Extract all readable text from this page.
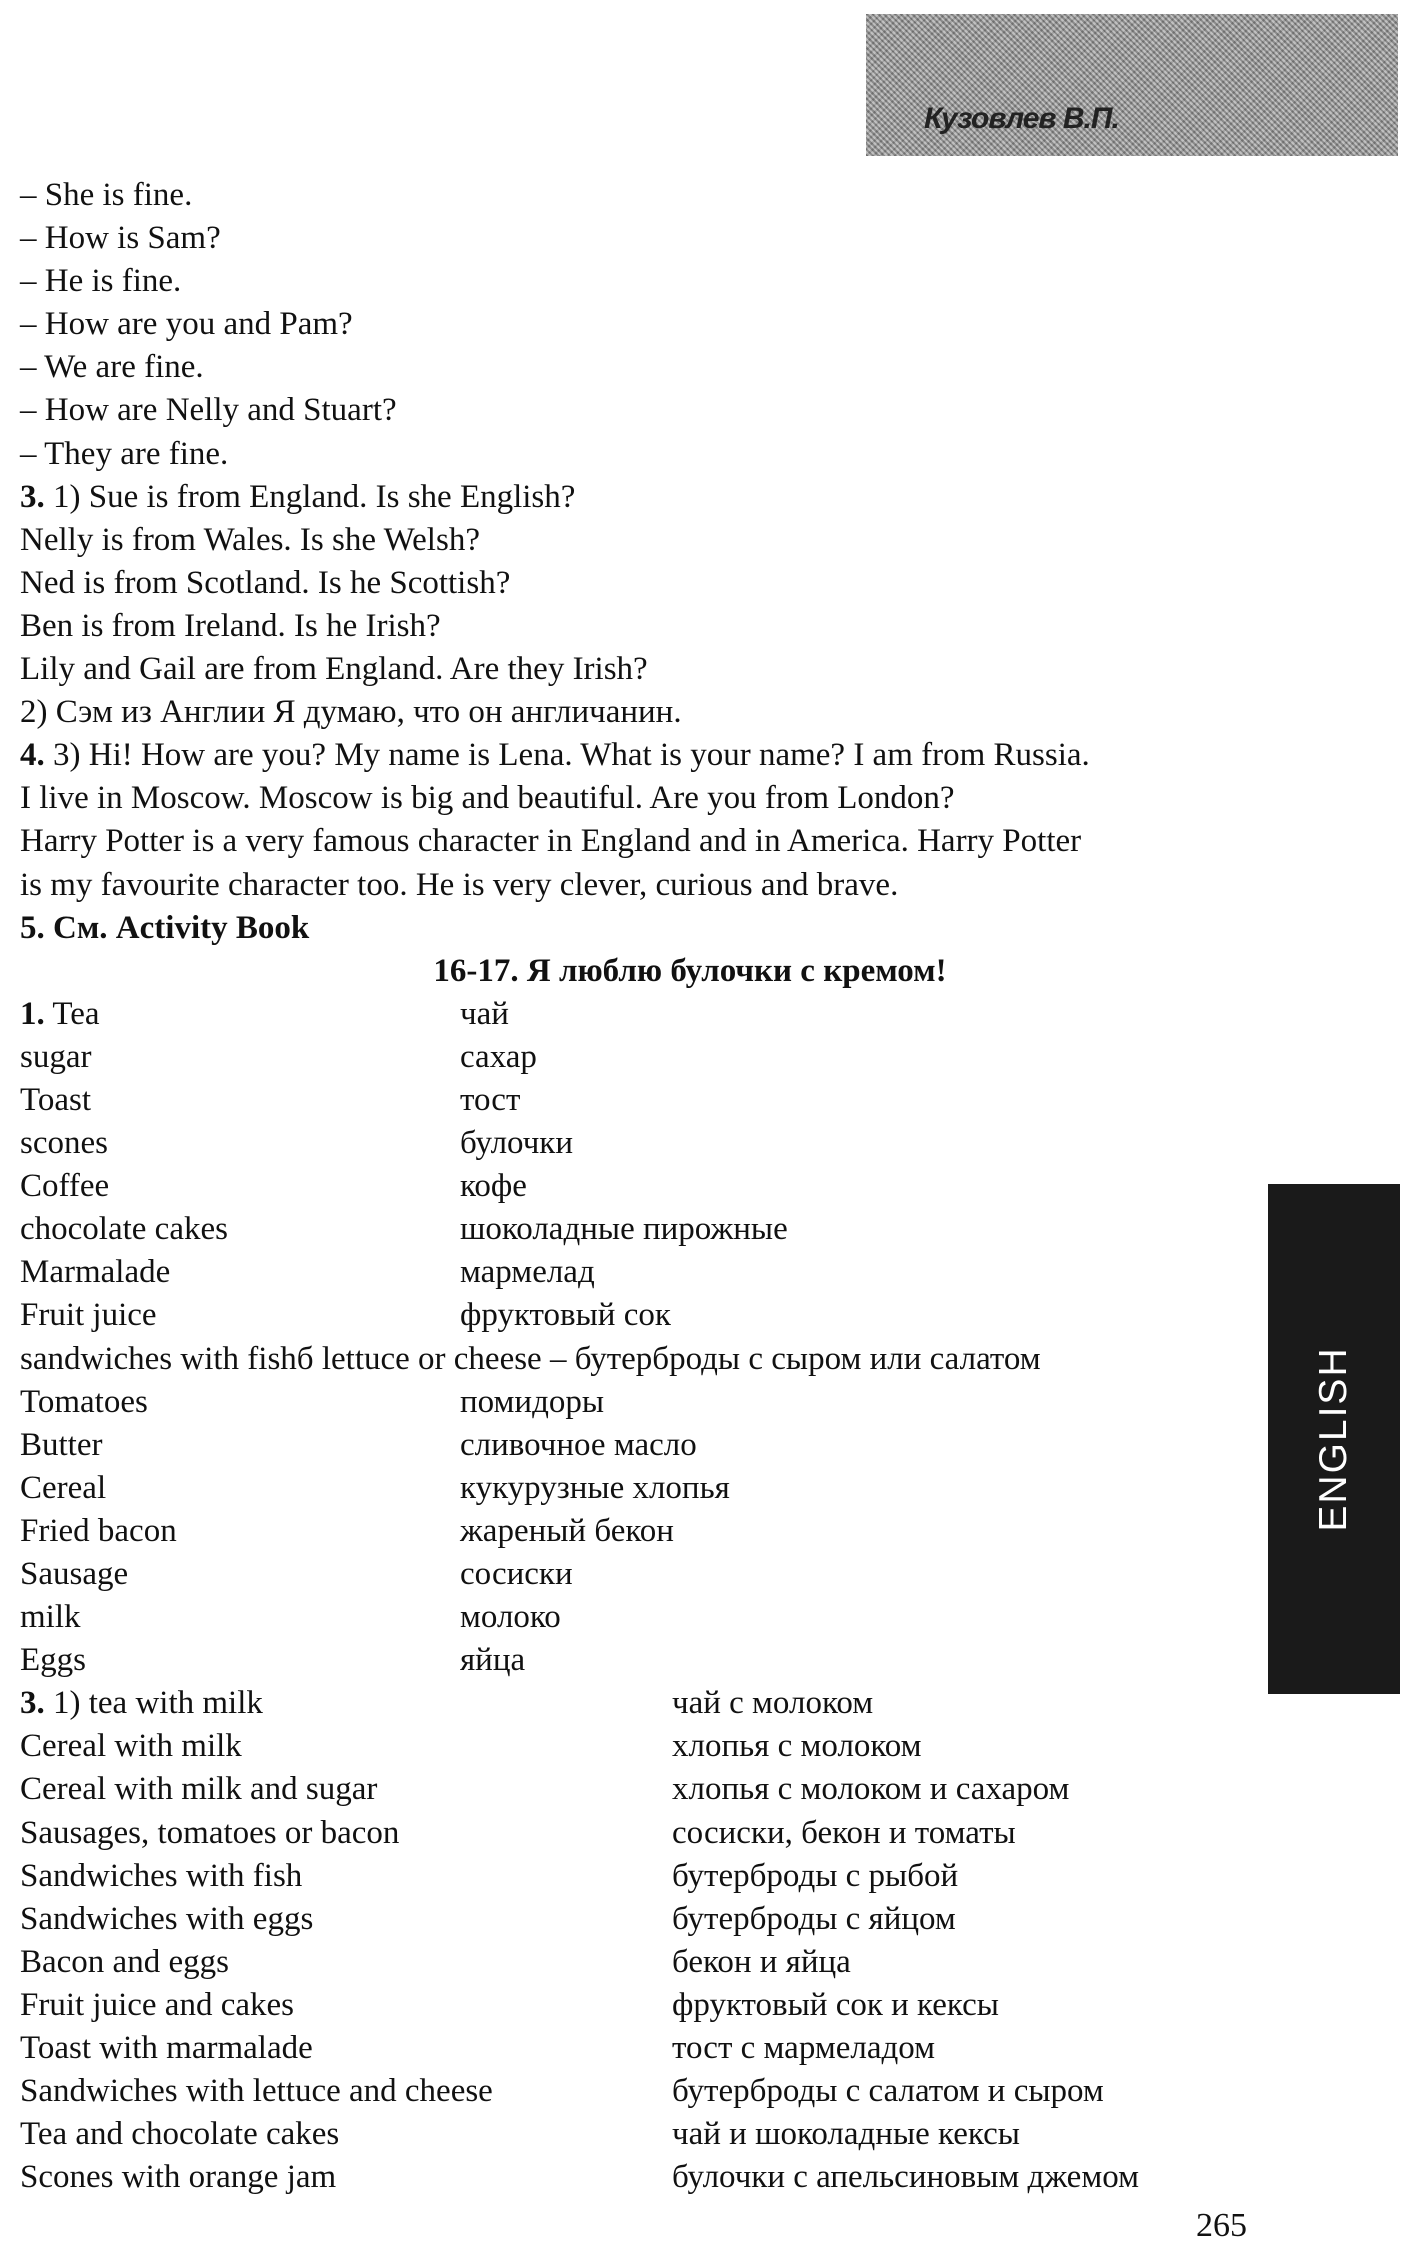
Кузовлев В.П.
ENGLISH
– She is fine.
– How is Sam?
– He is fine.
– How are you and Pam?
– We are fine.
– How are Nelly and Stuart?
– They are fine.
3. 1) Sue is from England. Is she English?
Nelly is from Wales. Is she Welsh?
Ned is from Scotland. Is he Scottish?
Ben is from Ireland. Is he Irish?
Lily and Gail are from England. Are they Irish?
2) Сэм из Англии Я думаю, что он англичанин.
4. 3) Hi! How are you? My name is Lena. What is your name? I am from Russia.
I live in Moscow. Moscow is big and beautiful. Are you from London?
Harry Potter is a very famous character in England and in America. Harry Potter
is my favourite character too. He is very clever, curious and brave.
5. См. Activity Book
16-17. Я люблю булочки с кремом!
1. Tea	чай
sugar	сахар
Toast	тост
scones	булочки
Coffee	кофе
chocolate cakes	шоколадные пирожные
Marmalade	мармелад
Fruit juice	фруктовый сок
sandwiches with fishб lettuce or cheese – бутерброды с сыром или салатом
Tomatoes	помидоры
Butter	сливочное масло
Cereal	кукурузные хлопья
Fried bacon	жареный бекон
Sausage	сосиски
milk	молоко
Eggs	яйца
3. 1) tea with milk	чай с молоком
Cereal with milk	хлопья с молоком
Cereal with milk and sugar	хлопья с молоком и сахаром
Sausages, tomatoes or bacon	сосиски, бекон и томаты
Sandwiches with fish	бутерброды с рыбой
Sandwiches with eggs	бутерброды с яйцом
Bacon and eggs	бекон и яйца
Fruit juice and cakes	фруктовый сок и кексы
Toast with marmalade	тост с мармеладом
Sandwiches with lettuce and cheese	бутерброды с салатом и сыром
Tea and chocolate cakes	чай и шоколадные кексы
Scones with orange jam	булочки с апельсиновым джемом
265
